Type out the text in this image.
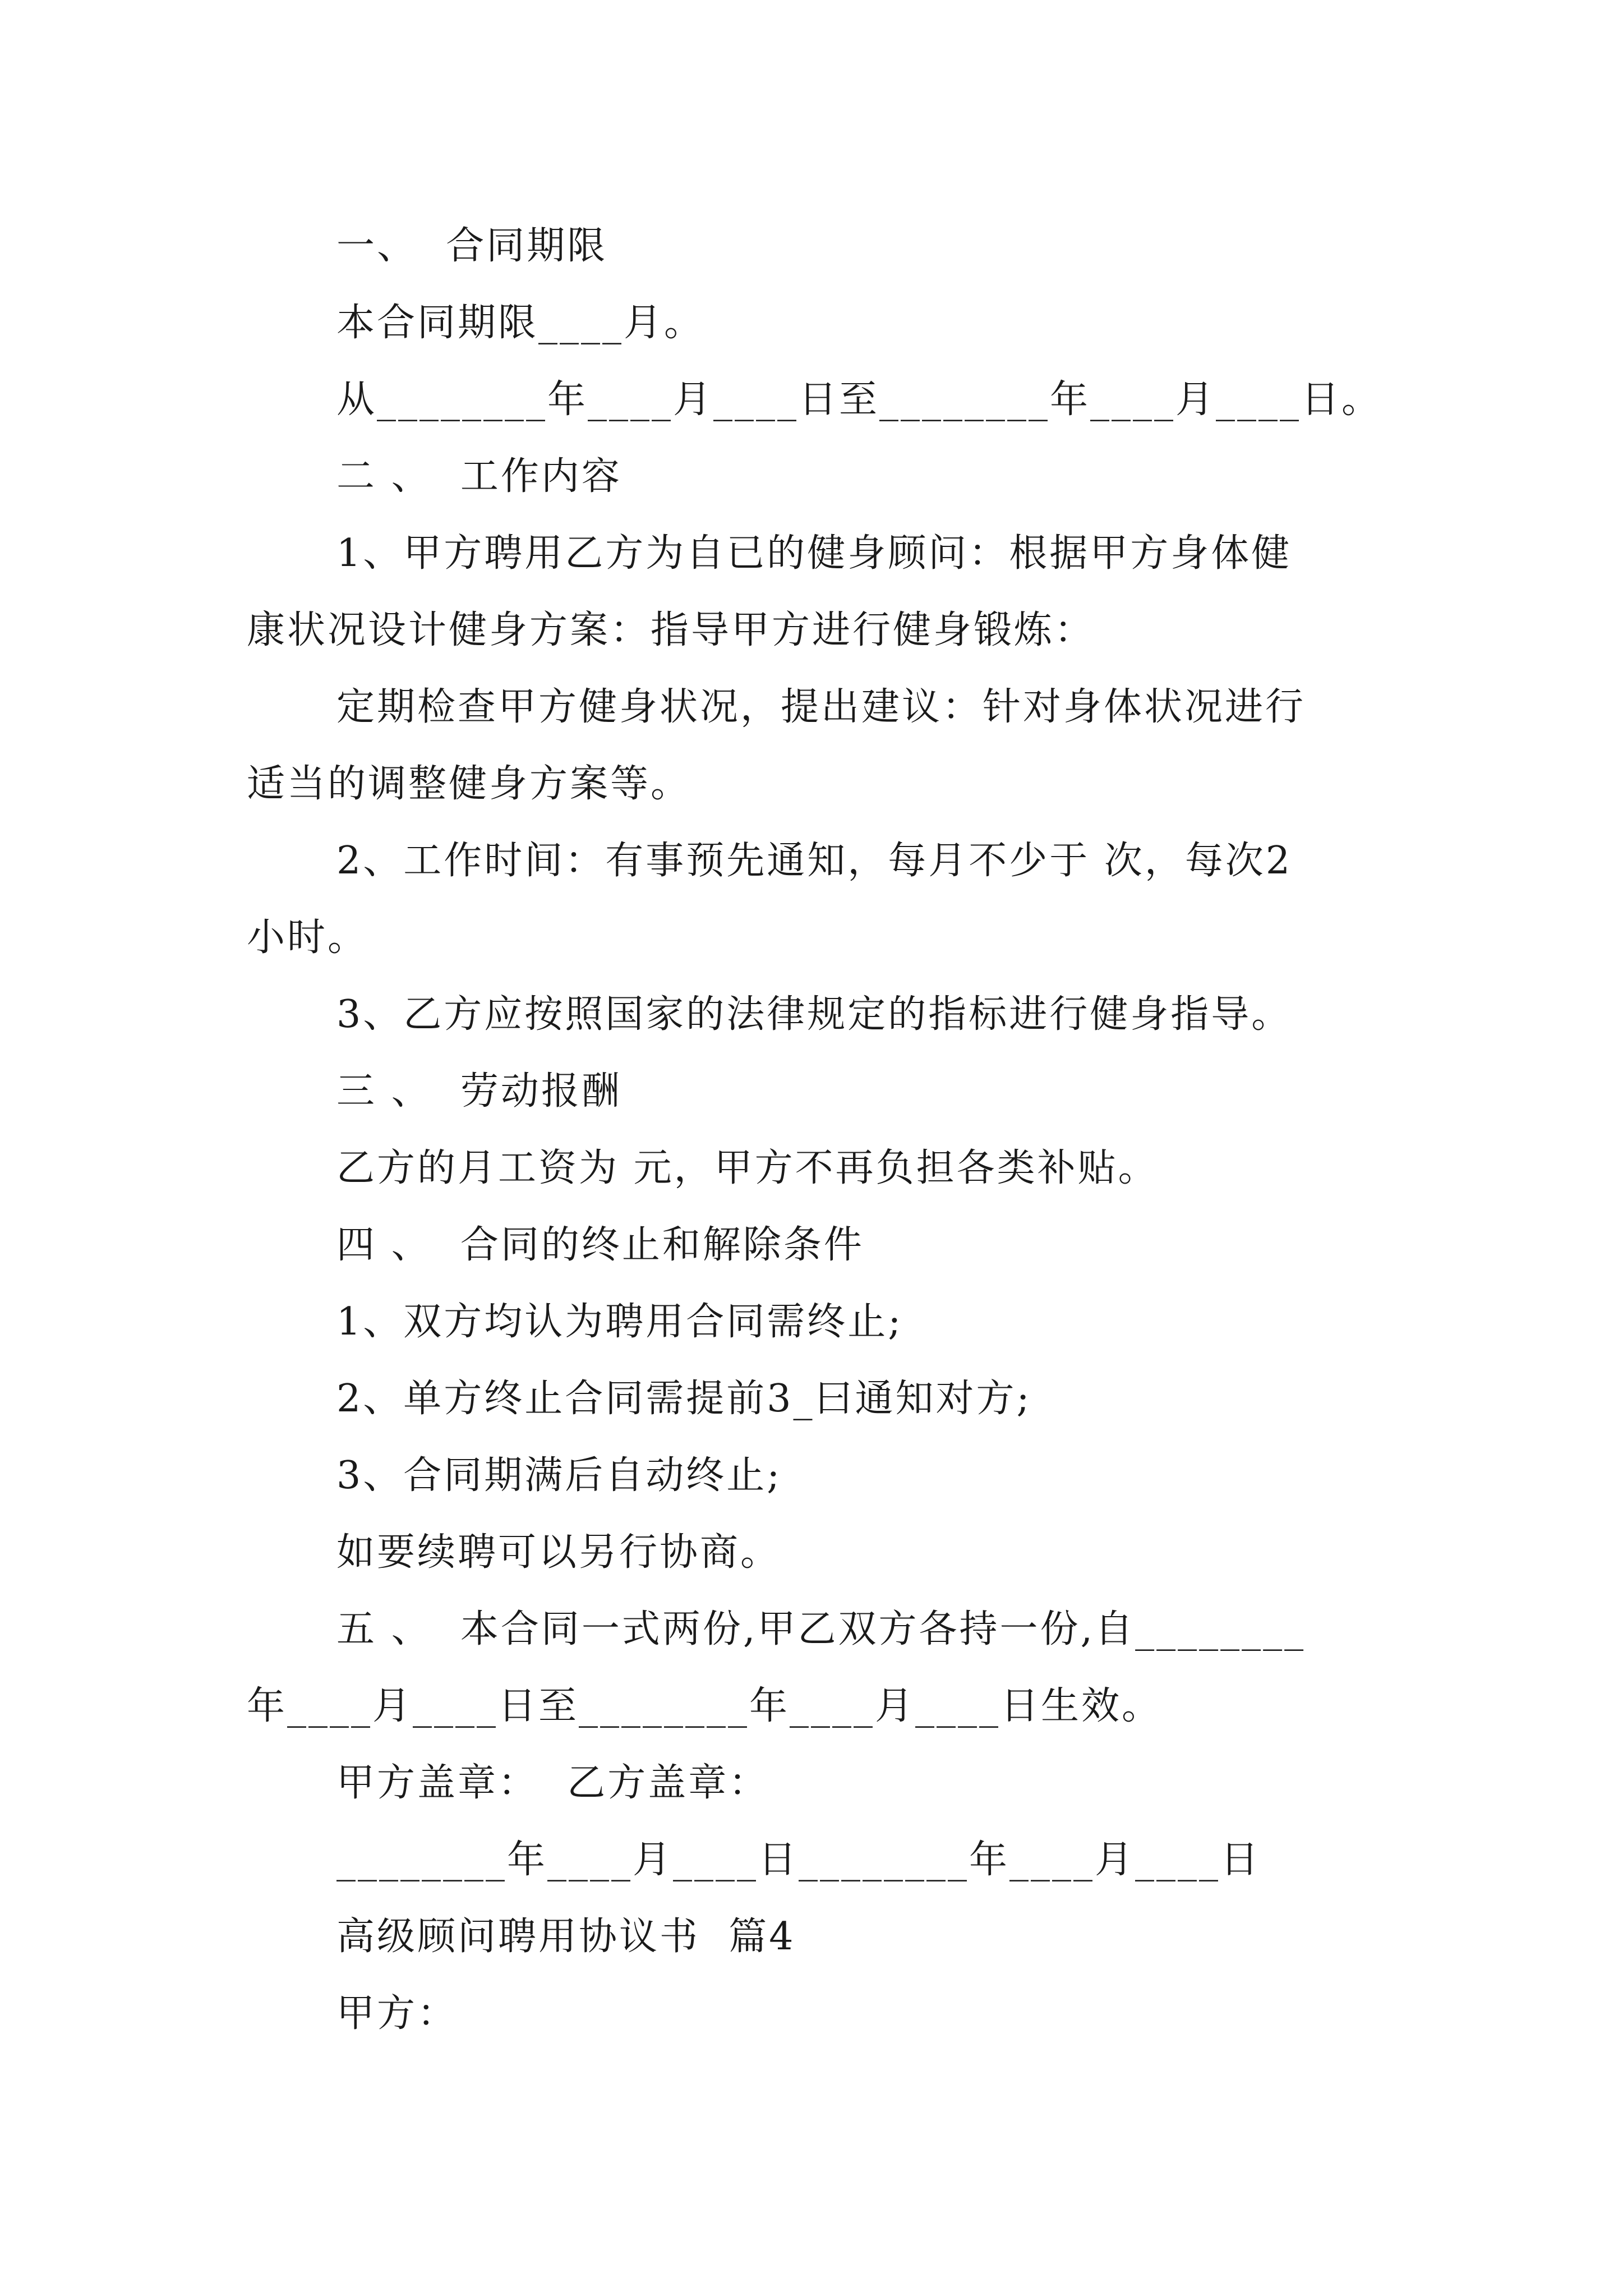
一、  合同期限

本合同期限____月。

从________年____月____日至________年____月____日。

二 、  工作内容

1、甲方聘用乙方为自已的健身顾问：根据甲方身体健

康状况设计健身方案：指导甲方进行健身锻炼：

定期检查甲方健身状况，提出建议：针对身体状况进行

适当的调整健身方案等。

2、工作时间：有事预先通知，每月不少于 次，每次2

小时。

3、乙方应按照国家的法律规定的指标进行健身指导。

三 、  劳动报酬

乙方的月工资为 元，甲方不再负担各类补贴。

四 、  合同的终止和解除条件

1、双方均认为聘用合同需终止;

2、单方终止合同需提前3_曰通知对方;

3、合同期满后自动终止;

如要续聘可以另行协商。

五 、  本合同一式两份,甲乙双方各持一份,自________

年____月____日至________年____月____日生效。

甲方盖章：  乙方盖章：

________年____月____日________年____月____日

高级顾问聘用协议书  篇4

甲方：
